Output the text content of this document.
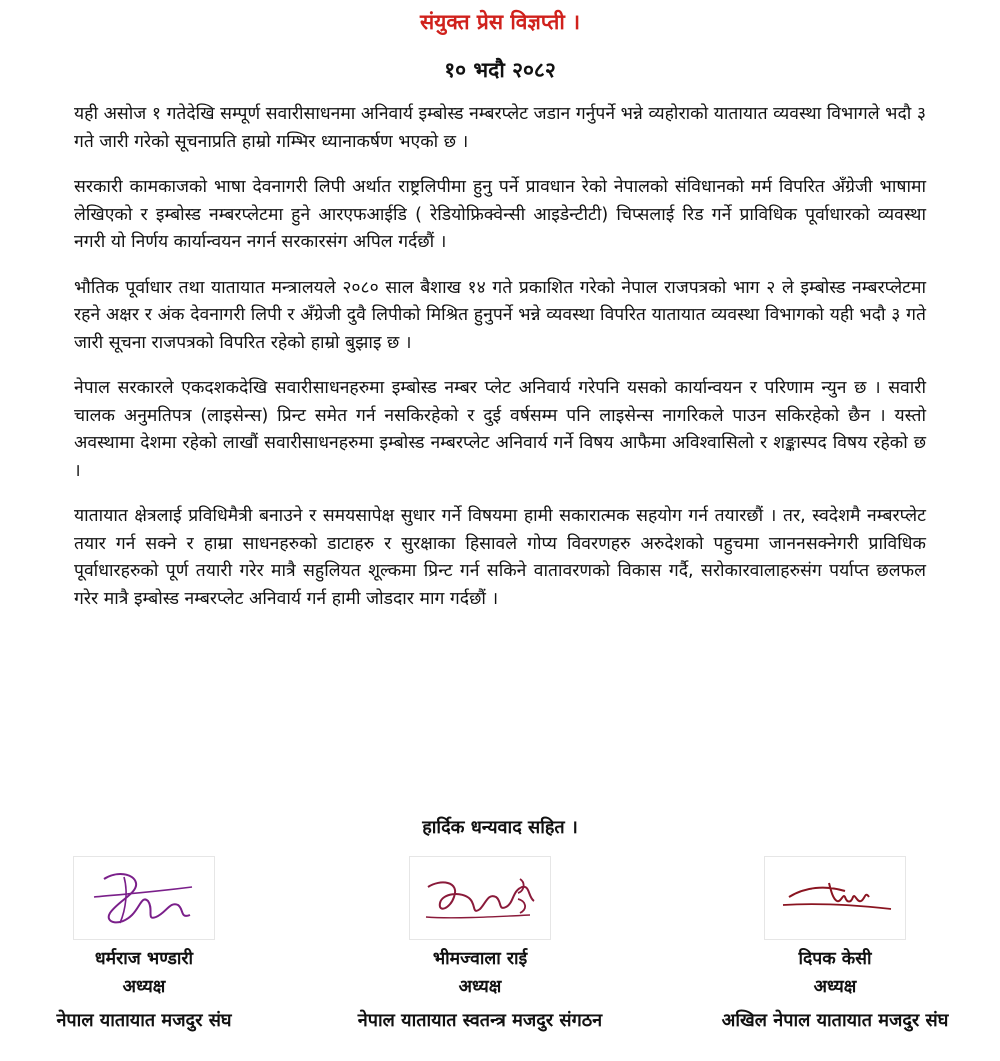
संयुक्त प्रेस विज्ञप्ती ।
१० भदौ २०८२

यही असोज १ गतेदेखि सम्पूर्ण सवारीसाधनमा अनिवार्य इम्बोस्ड नम्बरप्लेट जडान गर्नुपर्ने भन्ने व्यहोराको यातायात व्यवस्था विभागले भदौ ३ गते जारी गरेको सूचनाप्रति हाम्रो गम्भिर ध्यानाकर्षण भएको छ ।

सरकारी कामकाजको भाषा देवनागरी लिपी अर्थात राष्ट्रलिपीमा हुनु पर्ने प्रावधान रेको नेपालको संविधानको मर्म विपरित अँग्रेजी भाषामा लेखिएको र इम्बोस्ड नम्बरप्लेटमा हुने आरएफआईडि ( रेडियोफ्रिक्वेन्सी आइडेन्टीटी) चिप्सलाई रिड गर्ने प्राविधिक पूर्वाधारको व्यवस्था नगरी यो निर्णय कार्यान्वयन नगर्न सरकारसंग अपिल गर्दछौं ।

भौतिक पूर्वाधार तथा यातायात मन्त्रालयले २०८० साल बैशाख १४ गते प्रकाशित गरेको नेपाल राजपत्रको भाग २ ले इम्बोस्ड नम्बरप्लेटमा रहने अक्षर र अंक देवनागरी लिपी र अँग्रेजी दुवै लिपीको मिश्रित हुनुपर्ने भन्ने व्यवस्था विपरित यातायात व्यवस्था विभागको यही भदौ ३ गते जारी सूचना राजपत्रको विपरित रहेको हाम्रो बुझाइ छ ।

नेपाल सरकारले एकदशकदेखि सवारीसाधनहरुमा इम्बोस्ड नम्बर प्लेट अनिवार्य गरेपनि यसको कार्यान्वयन र परिणाम न्युन छ । सवारी चालक अनुमतिपत्र (लाइसेन्स) प्रिन्ट समेत गर्न नसकिरहेको र दुई वर्षसम्म पनि लाइसेन्स नागरिकले पाउन सकिरहेको छैन । यस्तो अवस्थामा देशमा रहेको लाखौं सवारीसाधनहरुमा इम्बोस्ड नम्बरप्लेट अनिवार्य गर्ने विषय आफैमा अविश्वासिलो र शङ्कास्पद विषय रहेको छ ।

यातायात क्षेत्रलाई प्रविधिमैत्री बनाउने र समयसापेक्ष सुधार गर्ने विषयमा हामी सकारात्मक सहयोग गर्न तयारछौं । तर, स्वदेशमै नम्बरप्लेट तयार गर्न सक्ने र हाम्रा साधनहरुको डाटाहरु र सुरक्षाका हिसावले गोप्य विवरणहरु अरुदेशको पहुचमा जाननसक्नेगरी प्राविधिक पूर्वाधारहरुको पूर्ण तयारी गरेर मात्रै सहुलियत शूल्कमा प्रिन्ट गर्न सकिने वातावरणको विकास गर्दै, सरोकारवालाहरुसंग पर्याप्त छलफल गरेर मात्रै इम्बोस्ड नम्बरप्लेट अनिवार्य गर्न हामी जोडदार माग गर्दछौं ।

हार्दिक धन्यवाद सहित ।
धर्मराज भण्डारी
अध्यक्ष
नेपाल यातायात मजदुर संघ
भीमज्वाला राई
अध्यक्ष
नेपाल यातायात स्वतन्त्र मजदुर संगठन
दिपक केसी
अध्यक्ष
अखिल नेपाल यातायात मजदुर संघ
